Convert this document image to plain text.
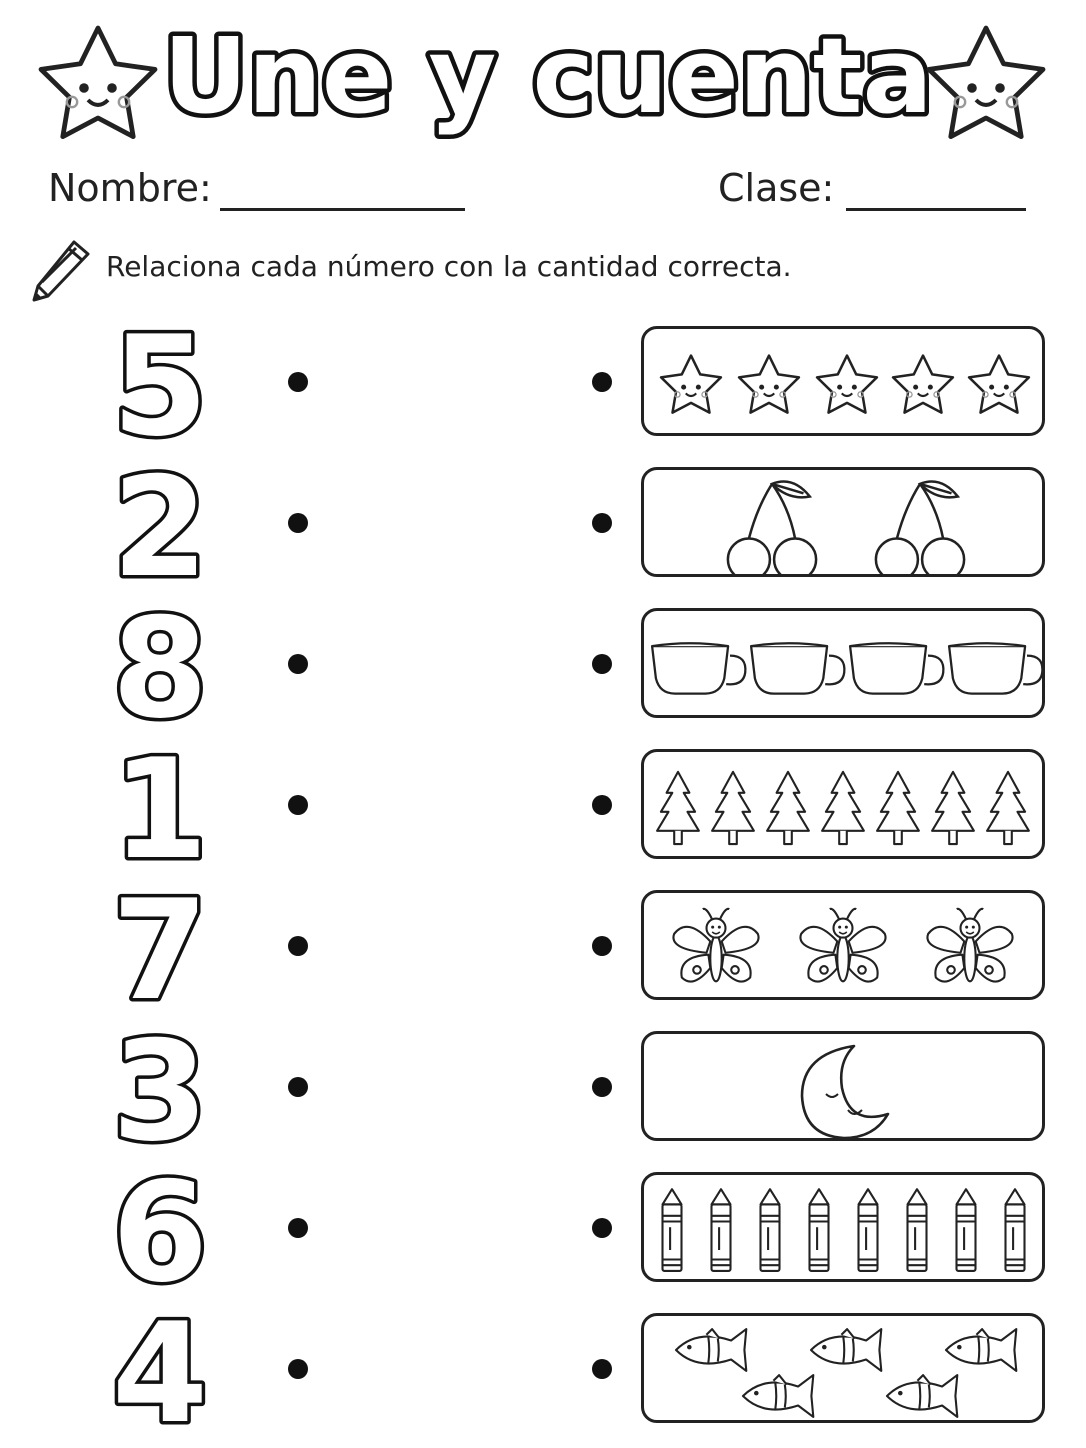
Une y cuenta
Nombre:	Clase:
Relaciona cada número con la cantidad correcta.
5
2
8
1
7
3
6
4
